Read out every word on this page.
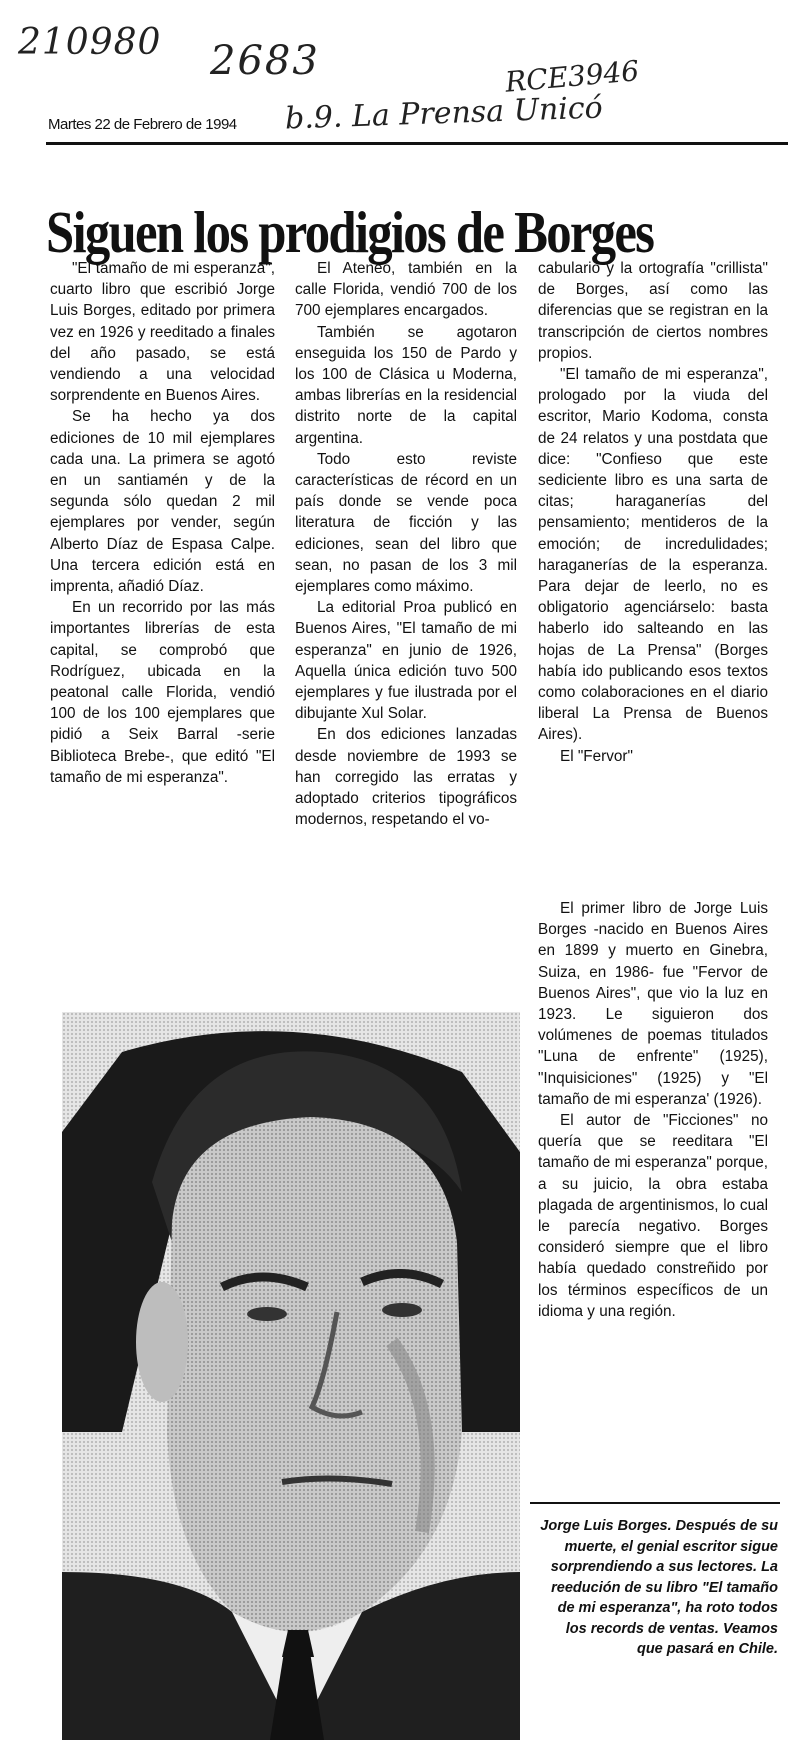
210980 2683	RCE3946
Martes 22 de Febrero de 1994 b.9. La Prensa Unicó
Siguen los prodigios de Borges

"El tamaño de mi esperanza", cuarto libro que escribió Jorge Luis Borges, editado por primera vez en 1926 y reeditado a finales del año pasado, se está vendiendo a una velocidad sorprendente en Buenos Aires.

Se ha hecho ya dos ediciones de 10 mil ejemplares cada una. La primera se agotó en un santiamén y de la segunda sólo quedan 2 mil ejemplares por vender, según Alberto Díaz de Espasa Calpe. Una tercera edición está en imprenta, añadió Díaz.

En un recorrido por las más importantes librerías de esta capital, se comprobó que Rodríguez, ubicada en la peatonal calle Florida, vendió 100 de los 100 ejemplares que pidió a Seix Barral -serie Biblioteca Brebe-, que editó "El tamaño de mi esperanza".

El Ateneo, también en la calle Florida, vendió 700 de los 700 ejemplares encargados.

También se agotaron enseguida los 150 de Pardo y los 100 de Clásica u Moderna, ambas librerías en la residencial distrito norte de la capital argentina.

Todo esto reviste características de récord en un país donde se vende poca literatura de ficción y las ediciones, sean del libro que sean, no pasan de los 3 mil ejemplares como máximo.

La editorial Proa publicó en Buenos Aires, "El tamaño de mi esperanza" en junio de 1926, Aquella única edición tuvo 500 ejemplares y fue ilustrada por el dibujante Xul Solar.

En dos ediciones lanzadas desde noviembre de 1993 se han corregido las erratas y adoptado criterios tipográficos modernos, respetando el vo-

cabulario y la ortografía "crillista" de Borges, así como las diferencias que se registran en la transcripción de ciertos nombres propios.

"El tamaño de mi esperanza", prologado por la viuda del escritor, Mario Kodoma, consta de 24 relatos y una postdata que dice: "Confieso que este sediciente libro es una sarta de citas; haraganerías del pensamiento; mentideros de la emoción; de incredulidades; haraganerías de la esperanza. Para dejar de leerlo, no es obligatorio agenciárselo: basta haberlo ido salteando en las hojas de La Prensa" (Borges había ido publicando esos textos como colaboraciones en el diario liberal La Prensa de Buenos Aires).

El "Fervor"

El primer libro de Jorge Luis Borges -nacido en Buenos Aires en 1899 y muerto en Ginebra, Suiza, en 1986- fue "Fervor de Buenos Aires", que vio la luz en 1923. Le siguieron dos volúmenes de poemas titulados "Luna de enfrente" (1925), "Inquisiciones" (1925) y "El tamaño de mi esperanza' (1926).

El autor de "Ficciones" no quería que se reeditara "El tamaño de mi esperanza" porque, a su juicio, la obra estaba plagada de argentinismos, lo cual le parecía negativo. Borges consideró siempre que el libro había quedado constreñido por los términos específicos de un idioma y una región.

Jorge Luis Borges. Después de su muerte, el genial escritor sigue sorprendiendo a sus lectores. La reedución de su libro "El tamaño de mi esperanza", ha roto todos los records de ventas. Veamos que pasará en Chile.
